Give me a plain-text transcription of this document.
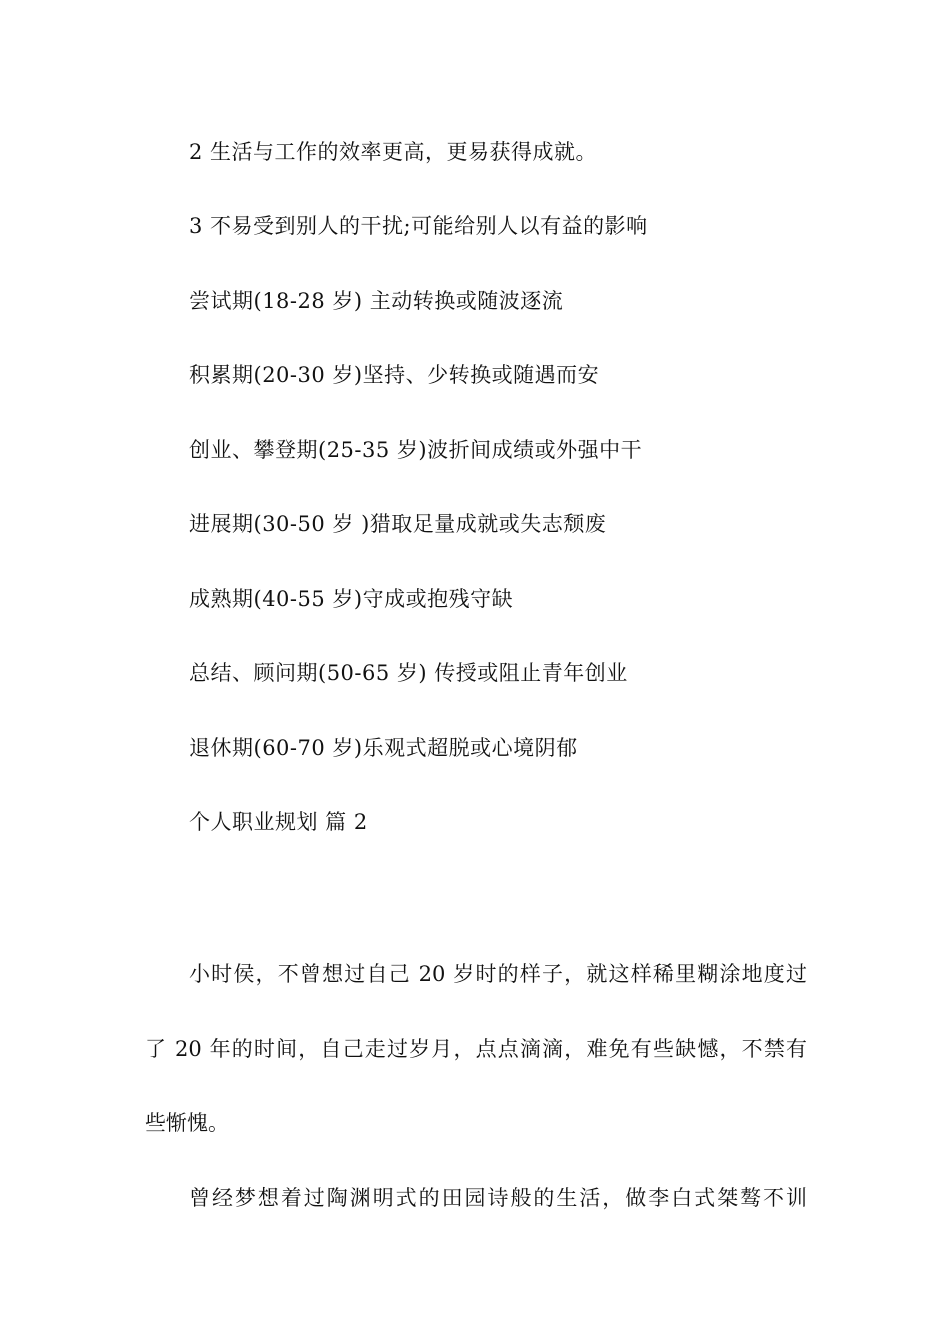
2 生活与工作的效率更高，更易获得成就。
3 不易受到别人的干扰;可能给别人以有益的影响
尝试期(18-28 岁) 主动转换或随波逐流
积累期(20-30 岁)坚持、少转换或随遇而安
创业、攀登期(25-35 岁)波折间成绩或外强中干
进展期(30-50 岁 )猎取足量成就或失志颓废
成熟期(40-55 岁)守成或抱残守缺
总结、顾问期(50-65 岁) 传授或阻止青年创业
退休期(60-70 岁)乐观式超脱或心境阴郁
个人职业规划 篇 2
小时侯，不曾想过自己 20 岁时的样子，就这样稀里糊涂地度过
了 20 年的时间，自己走过岁月，点点滴滴，难免有些缺憾，不禁有
些惭愧。
曾经梦想着过陶渊明式的田园诗般的生活，做李白式桀骜不训
